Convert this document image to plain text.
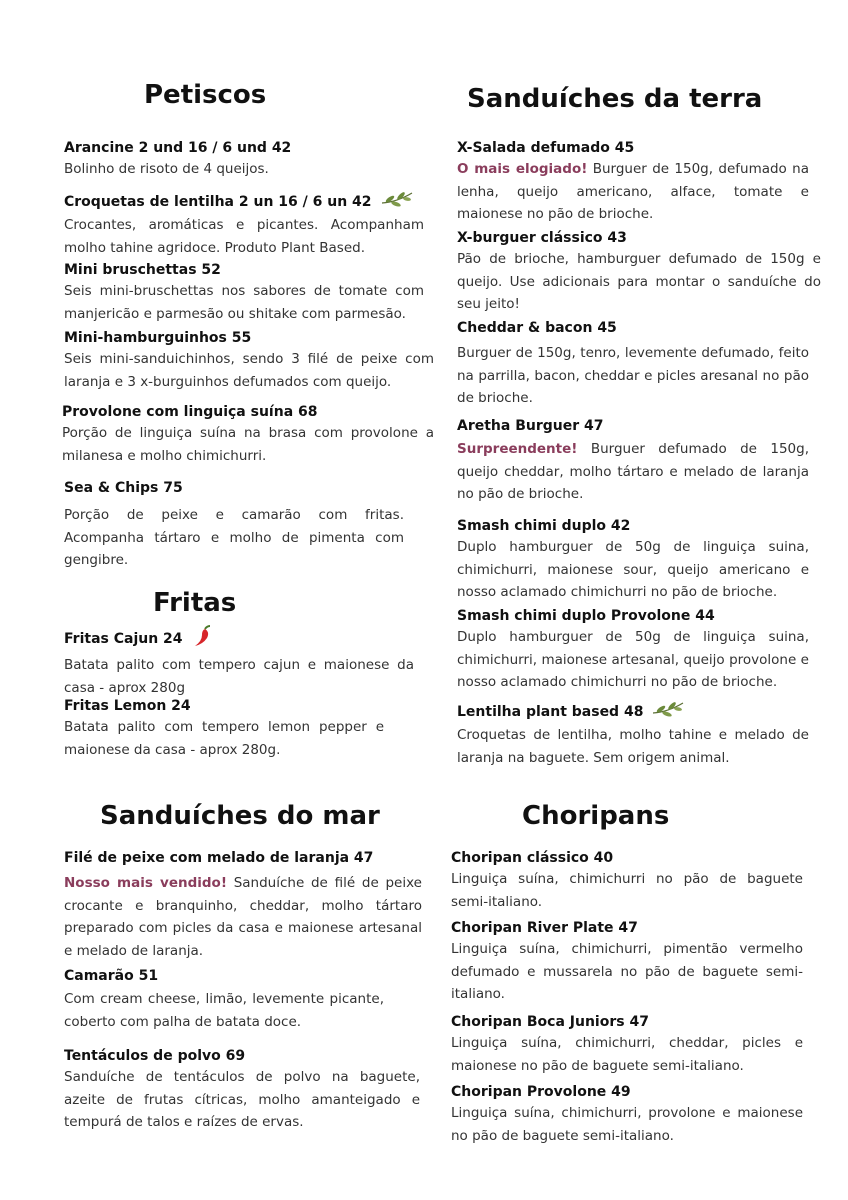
Petiscos
Arancine 2 und 16 / 6 und 42
Bolinho de risoto de 4 queijos.
Croquetas de lentilha 2 un 16 / 6 un 42
Crocantes, aromáticas e picantes. Acompanham molho tahine agridoce. Produto Plant Based.
Mini bruschettas 52
Seis mini-bruschettas nos sabores de tomate com manjericão e parmesão ou shitake com parmesão.
Mini-hamburguinhos 55
Seis mini-sanduichinhos, sendo 3 filé de peixe com laranja e 3 x-burguinhos defumados com queijo.
Provolone com linguiça suína 68
Porção de linguiça suína na brasa com provolone a milanesa e molho chimichurri.
Sea & Chips 75
Porção de peixe e camarão com fritas. Acompanha tártaro e molho de pimenta com gengibre.
Fritas
Fritas Cajun 24
Batata palito com tempero cajun e maionese da casa - aprox 280g
Fritas Lemon 24
Batata palito com tempero lemon pepper e maionese da casa - aprox 280g.
Sanduíches da terra
X-Salada defumado 45
O mais elogiado! Burguer de 150g, defumado na lenha, queijo americano, alface, tomate e maionese no pão de brioche.
X-burguer clássico 43
Pão de brioche, hamburguer defumado de 150g e queijo. Use adicionais para montar o sanduíche do seu jeito!
Cheddar & bacon 45
Burguer de 150g, tenro, levemente defumado, feito na parrilla, bacon, cheddar e picles aresanal no pão de brioche.
Aretha Burguer 47
Surpreendente! Burguer defumado de 150g, queijo cheddar, molho tártaro e melado de laranja no pão de brioche.
Smash chimi duplo 42
Duplo hamburguer de 50g de linguiça suina, chimichurri, maionese sour, queijo americano e nosso aclamado chimichurri no pão de brioche.
Smash chimi duplo Provolone 44
Duplo hamburguer de 50g de linguiça suina, chimichurri, maionese artesanal, queijo provolone e nosso aclamado chimichurri no pão de brioche.
Lentilha plant based 48
Croquetas de lentilha, molho tahine e melado de laranja na baguete. Sem origem animal.
Sanduíches do mar
Filé de peixe com melado de laranja 47
Nosso mais vendido! Sanduíche de filé de peixe crocante e branquinho, cheddar, molho tártaro preparado com picles da casa e maionese artesanal e melado de laranja.
Camarão 51
Com cream cheese, limão, levemente picante, coberto com palha de batata doce.
Tentáculos de polvo 69
Sanduíche de tentáculos de polvo na baguete, azeite de frutas cítricas, molho amanteigado e tempurá de talos e raízes de ervas.
Choripans
Choripan clássico 40
Linguiça suína, chimichurri no pão de baguete semi-italiano.
Choripan River Plate 47
Linguiça suína, chimichurri, pimentão vermelho defumado e mussarela no pão de baguete semi-italiano.
Choripan Boca Juniors 47
Linguiça suína, chimichurri, cheddar, picles e maionese no pão de baguete semi-italiano.
Choripan Provolone 49
Linguiça suína, chimichurri, provolone e maionese no pão de baguete semi-italiano.
